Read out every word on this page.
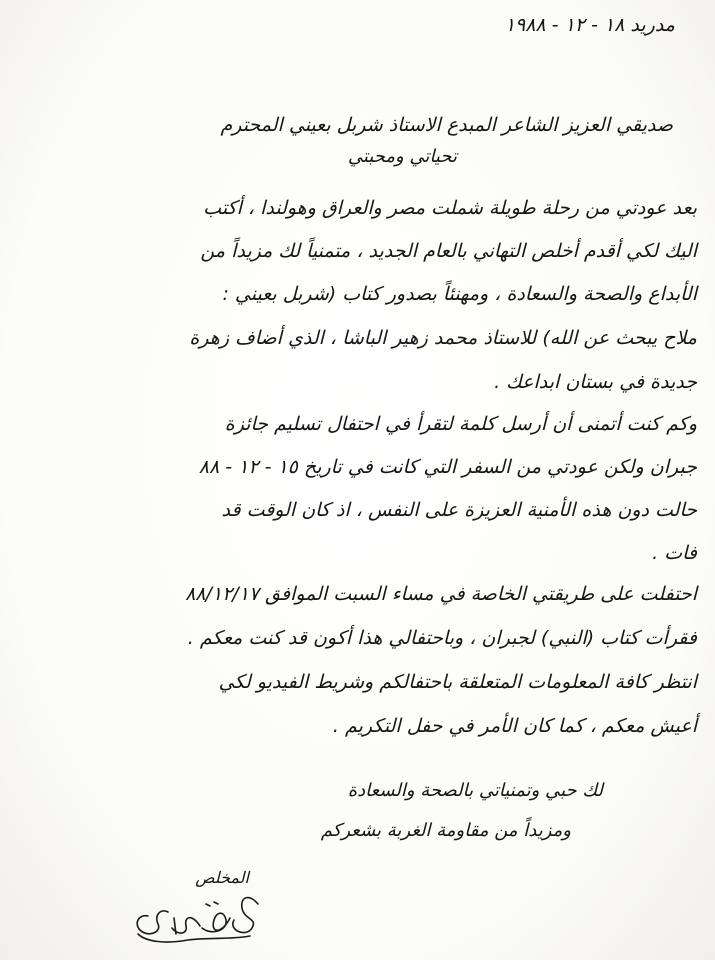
مدريد ١٨ - ١٢ - ١٩٨٨

صديقي العزيز الشاعر المبدع الاستاذ شربل بعيني المحترم

تحياتي ومحبتي

بعد عودتي من رحلة طويلة شملت مصر والعراق وهولندا ، أكتب

اليك لكي أقدم أخلص التهاني بالعام الجديد ، متمنياً لك مزيداً من

الأبداع والصحة والسعادة ، ومهنئاً بصدور كتاب (شربل بعيني :

ملاح يبحث عن الله) للاستاذ محمد زهير الباشا ، الذي أضاف زهرة

جديدة في بستان ابداعك .

وكم كنت أتمنى أن أرسل كلمة لتقرأ في احتفال تسليم جائزة

جبران ولكن عودتي من السفر التي كانت في تاريخ ١٥ - ١٢ - ٨٨

حالت دون هذه الأمنية العزيزة على النفس ، اذ كان الوقت قد

فات .

احتفلت على طريقتي الخاصة في مساء السبت الموافق ٨٨/١٢/١٧

فقرأت كتاب (النبي) لجبران ، وباحتفالي هذا أكون قد كنت معكم .

انتظر كافة المعلومات المتعلقة باحتفالكم وشريط الفيديو لكي

أعيش معكم ، كما كان الأمر في حفل التكريم .

لك حبي وتمنياتي بالصحة والسعادة

ومزيداً من مقاومة الغربة بشعركم

المخلص
